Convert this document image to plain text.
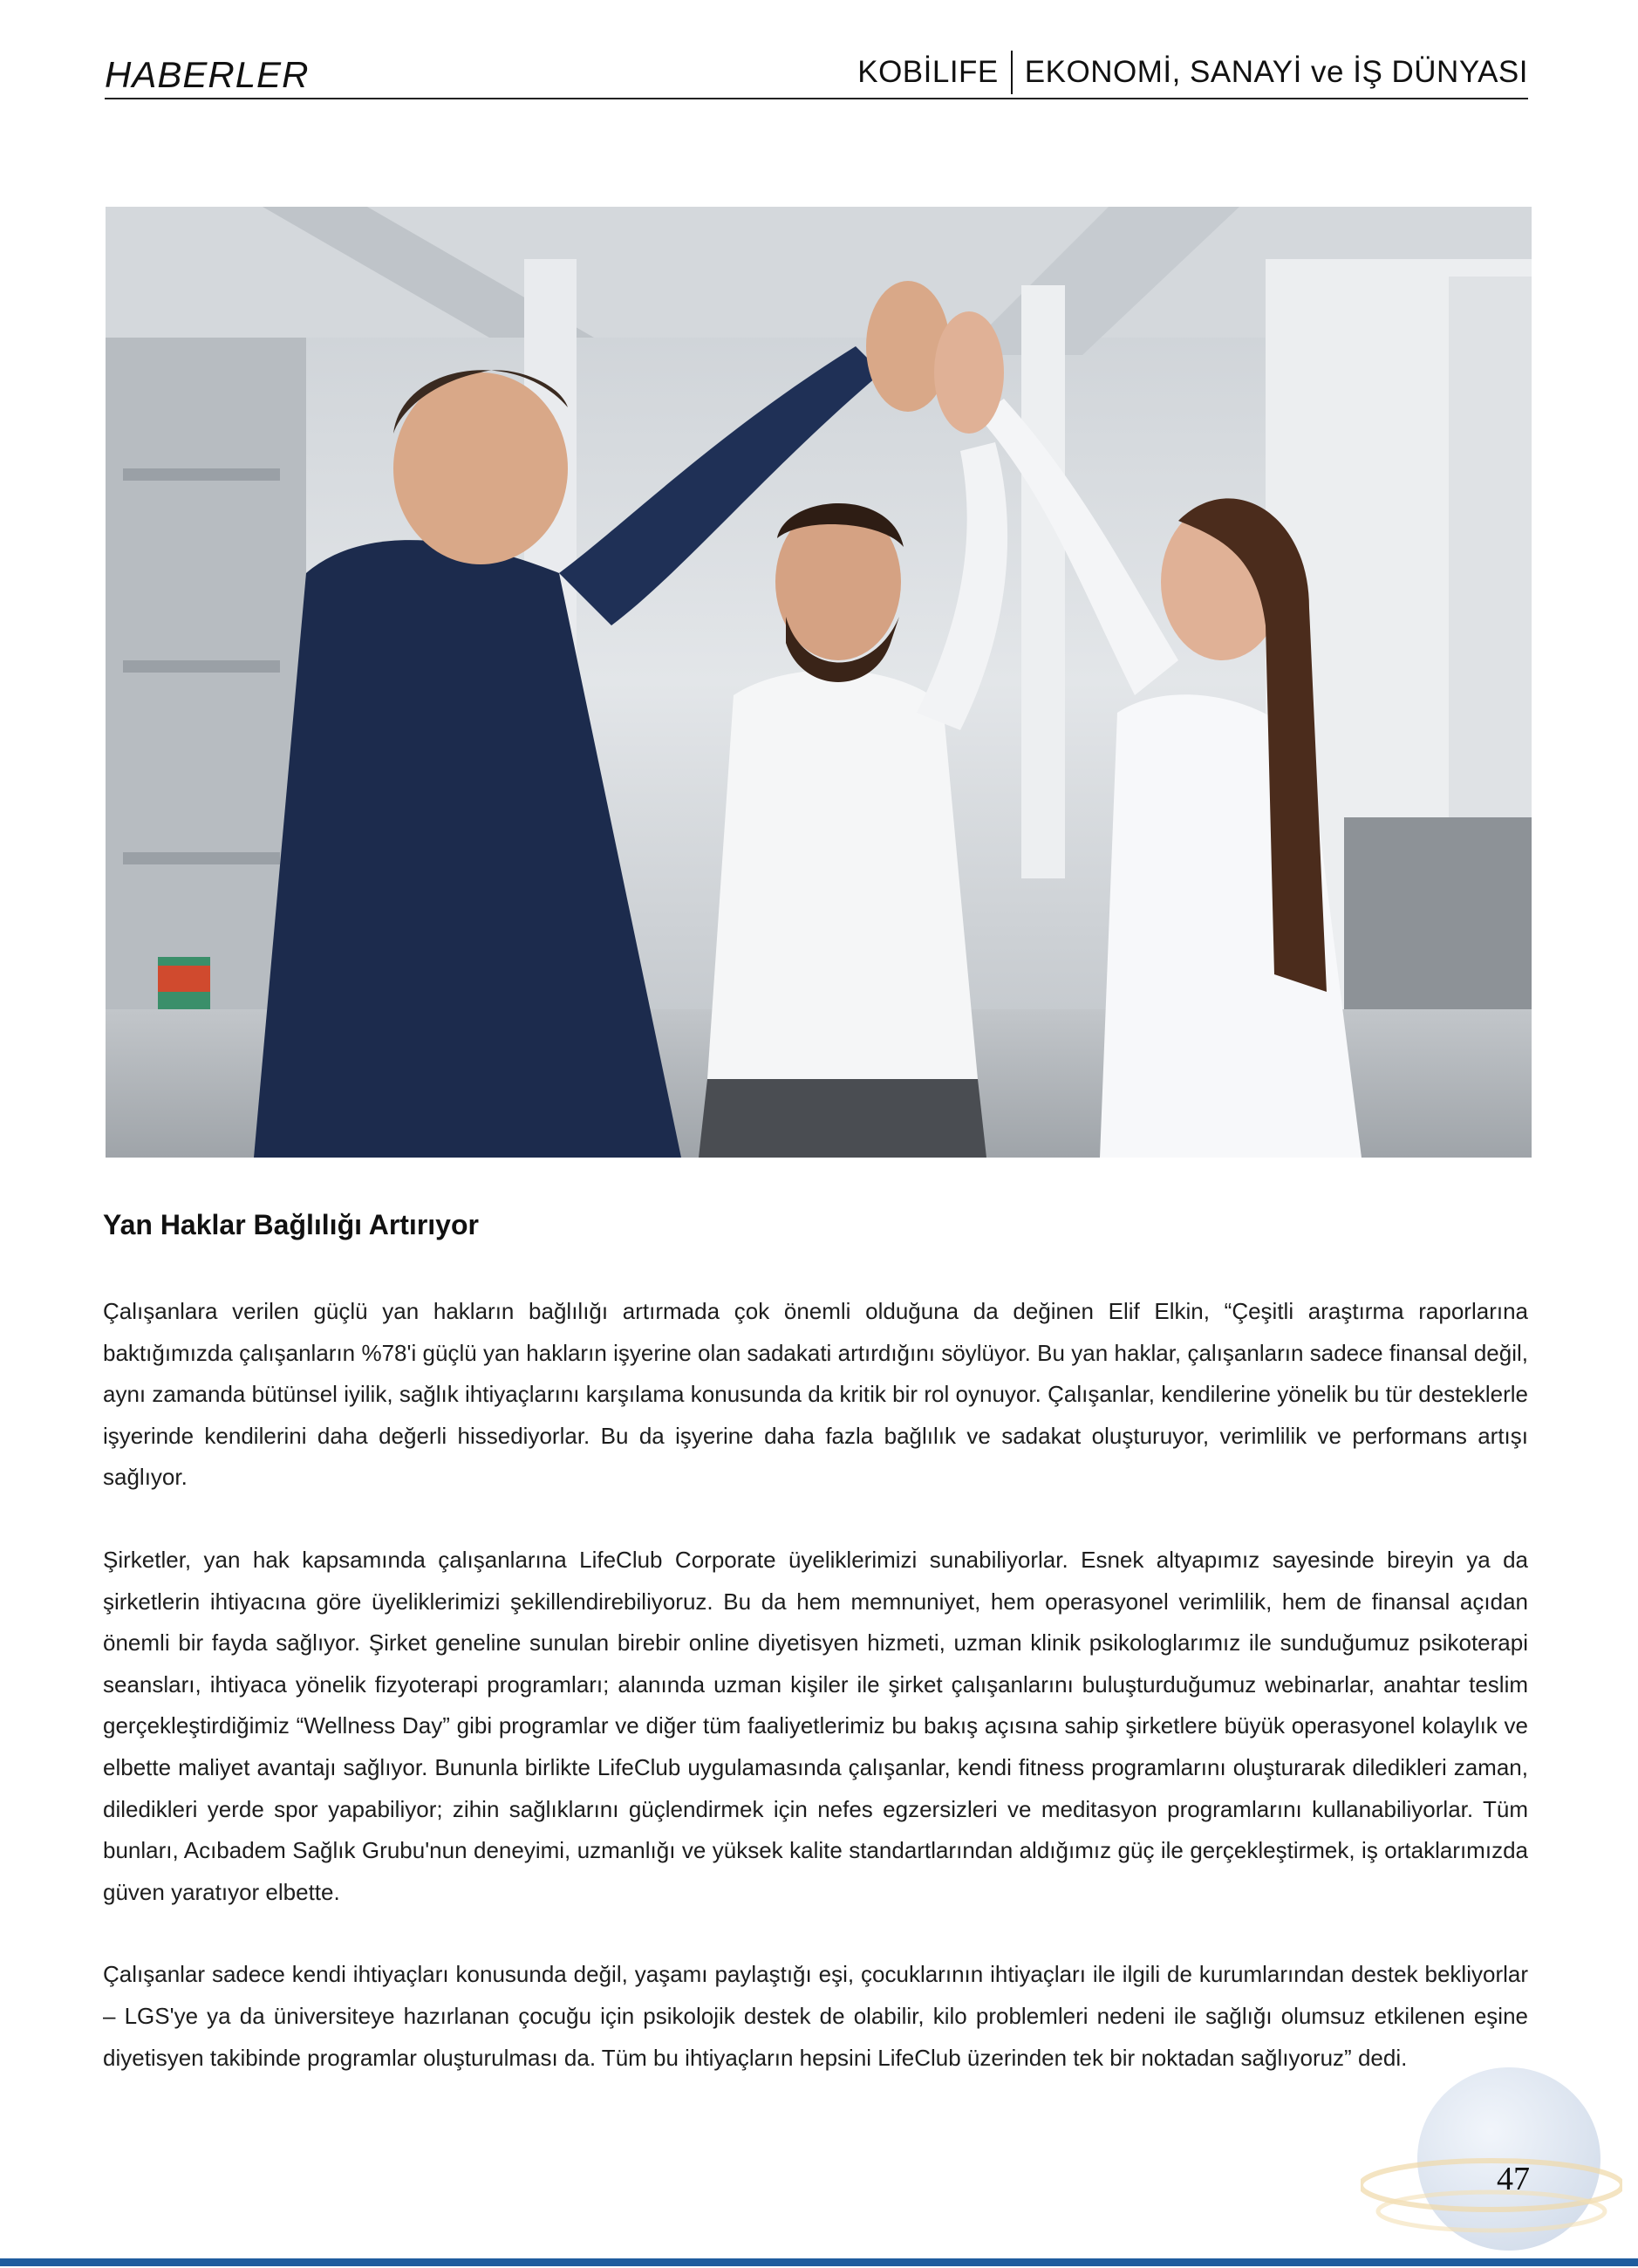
HABERLER	KOBİLIFE EKONOMİ, SANAYİ ve İŞ DÜNYASI
Yan Haklar Bağlılığı Artırıyor

Çalışanlara verilen güçlü yan hakların bağlılığı artırmada çok önemli olduğuna da değinen Elif Elkin, “Çeşitli araştırma raporlarına baktığımızda çalışanların %78'i güçlü yan hakların işyerine olan sadakati artırdığını söylüyor. Bu yan haklar, çalışanların sadece finansal değil, aynı zamanda bütünsel iyilik, sağlık ihtiyaçlarını karşılama konusunda da kritik bir rol oynuyor. Çalışanlar, kendilerine yönelik bu tür desteklerle işyerinde kendilerini daha değerli hissediyorlar. Bu da işyerine daha fazla bağlılık ve sadakat oluşturuyor, verimlilik ve performans artışı sağlıyor.

Şirketler, yan hak kapsamında çalışanlarına LifeClub Corporate üyeliklerimizi sunabiliyorlar. Esnek altyapımız sayesinde bireyin ya da şirketlerin ihtiyacına göre üyeliklerimizi şekillendirebiliyoruz. Bu da hem memnuniyet, hem operasyonel verimlilik, hem de finansal açıdan önemli bir fayda sağlıyor. Şirket geneline sunulan birebir online diyetisyen hizmeti, uzman klinik psikologlarımız ile sunduğumuz psikoterapi seansları, ihtiyaca yönelik fizyoterapi programları; alanında uzman kişiler ile şirket çalışanlarını buluşturduğumuz webinarlar, anahtar teslim gerçekleştirdiğimiz “Wellness Day” gibi programlar ve diğer tüm faaliyetlerimiz bu bakış açısına sahip şirketlere büyük operasyonel kolaylık ve elbette maliyet avantajı sağlıyor. Bununla birlikte LifeClub uygulamasında çalışanlar, kendi fitness programlarını oluşturarak diledikleri zaman, diledikleri yerde spor yapabiliyor; zihin sağlıklarını güçlendirmek için nefes egzersizleri ve meditasyon programlarını kullanabiliyorlar. Tüm bunları, Acıbadem Sağlık Grubu'nun deneyimi, uzmanlığı ve yüksek kalite standartlarından aldığımız güç ile gerçekleştirmek, iş ortaklarımızda güven yaratıyor elbette.

Çalışanlar sadece kendi ihtiyaçları konusunda değil, yaşamı paylaştığı eşi, çocuklarının ihtiyaçları ile ilgili de kurumlarından destek bekliyorlar – LGS'ye ya da üniversiteye hazırlanan çocuğu için psikolojik destek de olabilir, kilo problemleri nedeni ile sağlığı olumsuz etkilenen eşine diyetisyen takibinde programlar oluşturulması da. Tüm bu ihtiyaçların hepsini LifeClub üzerinden tek bir noktadan sağlıyoruz” dedi.

47
